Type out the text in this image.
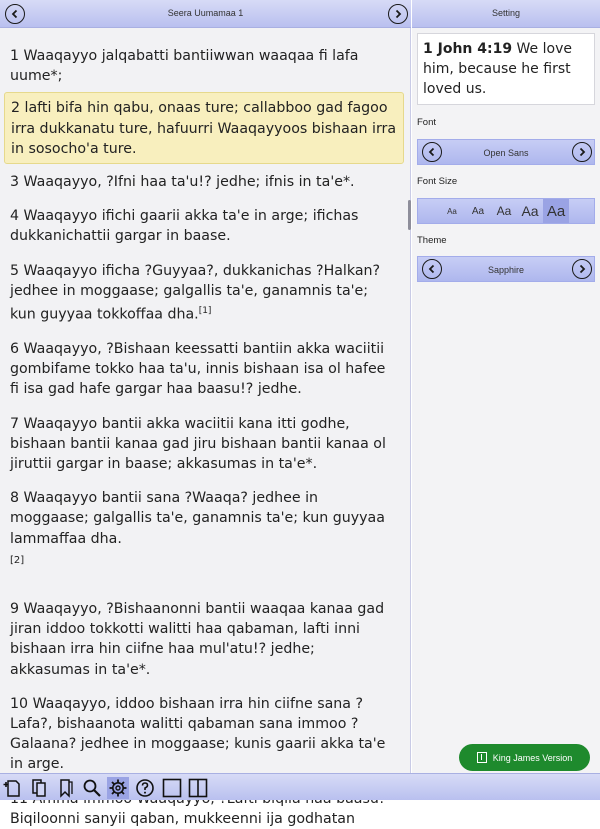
Seera Uumamaa 1
1 Waaqayyo jalqabatti bantiiwwan waaqaa fi lafa uume*;
2 lafti bifa hin qabu, onaas ture; callabboo gad fagoo irra dukkanatu ture, hafuurri Waaqayyoos bishaan irra in sosocho'a ture.
3 Waaqayyo, ?Ifni haa ta'u!? jedhe; ifnis in ta'e*.
4 Waaqayyo ifichi gaarii akka ta'e in arge; ifichas dukkanichattii gargar in baase.
5 Waaqayyo ificha ?Guyyaa?, dukkanichas ?Halkan? jedhee in moggaase; galgallis ta'e, ganamnis ta'e; kun guyyaa tokkoffaa dha.[1]
6 Waaqayyo, ?Bishaan keessatti bantiin akka waciitii gombifame tokko haa ta'u, innis bishaan isa ol hafee fi isa gad hafe gargar haa baasu!? jedhe.
7 Waaqayyo bantii akka waciitii kana itti godhe, bishaan bantii kanaa gad jiru bishaan bantii kanaa ol jiruttii gargar in baase; akkasumas in ta'e*.
8 Waaqayyo bantii sana ?Waaqa? jedhee in moggaase; galgallis ta'e, ganamnis ta'e; kun guyyaa lammaffaa dha.
[2]
9 Waaqayyo, ?Bishaanonni bantii waaqaa kanaa gad jiran iddoo tokkotti walitti haa qabaman, lafti inni bishaan irra hin ciifne haa mul'atu!? jedhe; akkasumas in ta'e*.
10 Waaqayyo, iddoo bishaan irra hin ciifne sana ?Lafa?, bishaanota walitti qabaman sana immoo ?Galaana? jedhee in moggaase; kunis gaarii akka ta'e in arge.
Biqiloonni sanyii qaban, mukkeenni ija godhatan
Setting
1 John 4:19 We love him, because he first loved us.
Font
Open Sans
Font Size
Aa	Aa	Aa Aa Aa
Theme
Sapphire
King James Version
